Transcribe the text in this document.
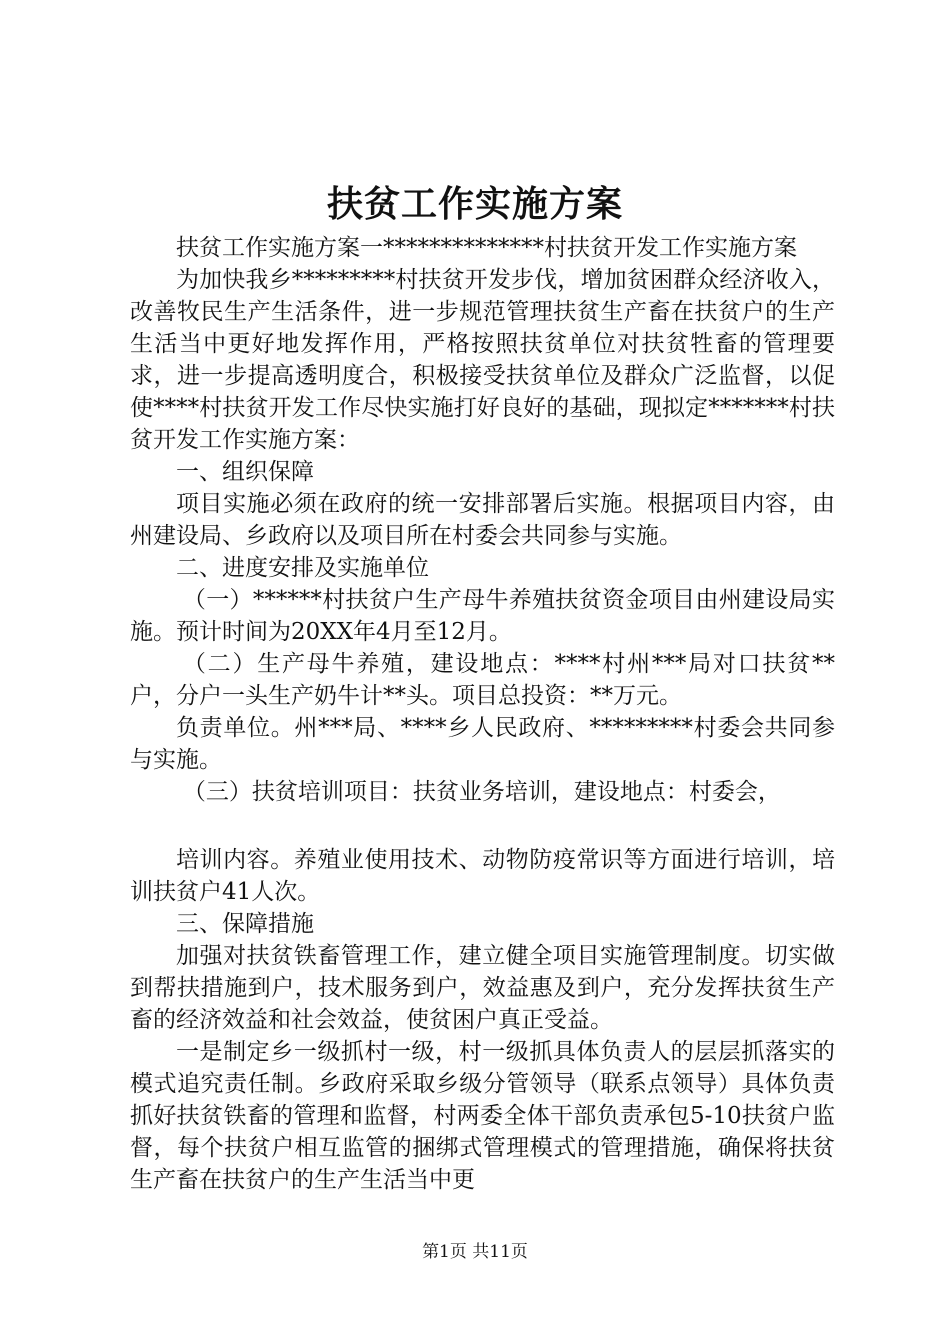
扶贫工作实施方案

扶贫工作实施方案一**************村扶贫开发工作实施方案

为加快我乡*********村扶贫开发步伐，增加贫困群众经济收入，改善牧民生产生活条件，进一步规范管理扶贫生产畜在扶贫户的生产生活当中更好地发挥作用，严格按照扶贫单位对扶贫牲畜的管理要求，进一步提高透明度合，积极接受扶贫单位及群众广泛监督，以促使****村扶贫开发工作尽快实施打好良好的基础，现拟定*******村扶贫开发工作实施方案：

一、组织保障

项目实施必须在政府的统一安排部署后实施。根据项目内容，由州建设局、乡政府以及项目所在村委会共同参与实施。

二、进度安排及实施单位

（一）******村扶贫户生产母牛养殖扶贫资金项目由州建设局实施。预计时间为20XX年4月至12月。

（二）生产母牛养殖，建设地点：****村州***局对口扶贫**户，分户一头生产奶牛计**头。项目总投资：**万元。

负责单位。州***局、****乡人民政府、*********村委会共同参与实施。

（三）扶贫培训项目：扶贫业务培训，建设地点：村委会，

培训内容。养殖业使用技术、动物防疫常识等方面进行培训，培训扶贫户41人次。

三、保障措施

加强对扶贫铁畜管理工作，建立健全项目实施管理制度。切实做到帮扶措施到户，技术服务到户，效益惠及到户，充分发挥扶贫生产畜的经济效益和社会效益，使贫困户真正受益。

一是制定乡一级抓村一级，村一级抓具体负责人的层层抓落实的模式追究责任制。乡政府采取乡级分管领导（联系点领导）具体负责抓好扶贫铁畜的管理和监督，村两委全体干部负责承包5-10扶贫户监督，每个扶贫户相互监管的捆绑式管理模式的管理措施，确保将扶贫生产畜在扶贫户的生产生活当中更

第1页 共11页
